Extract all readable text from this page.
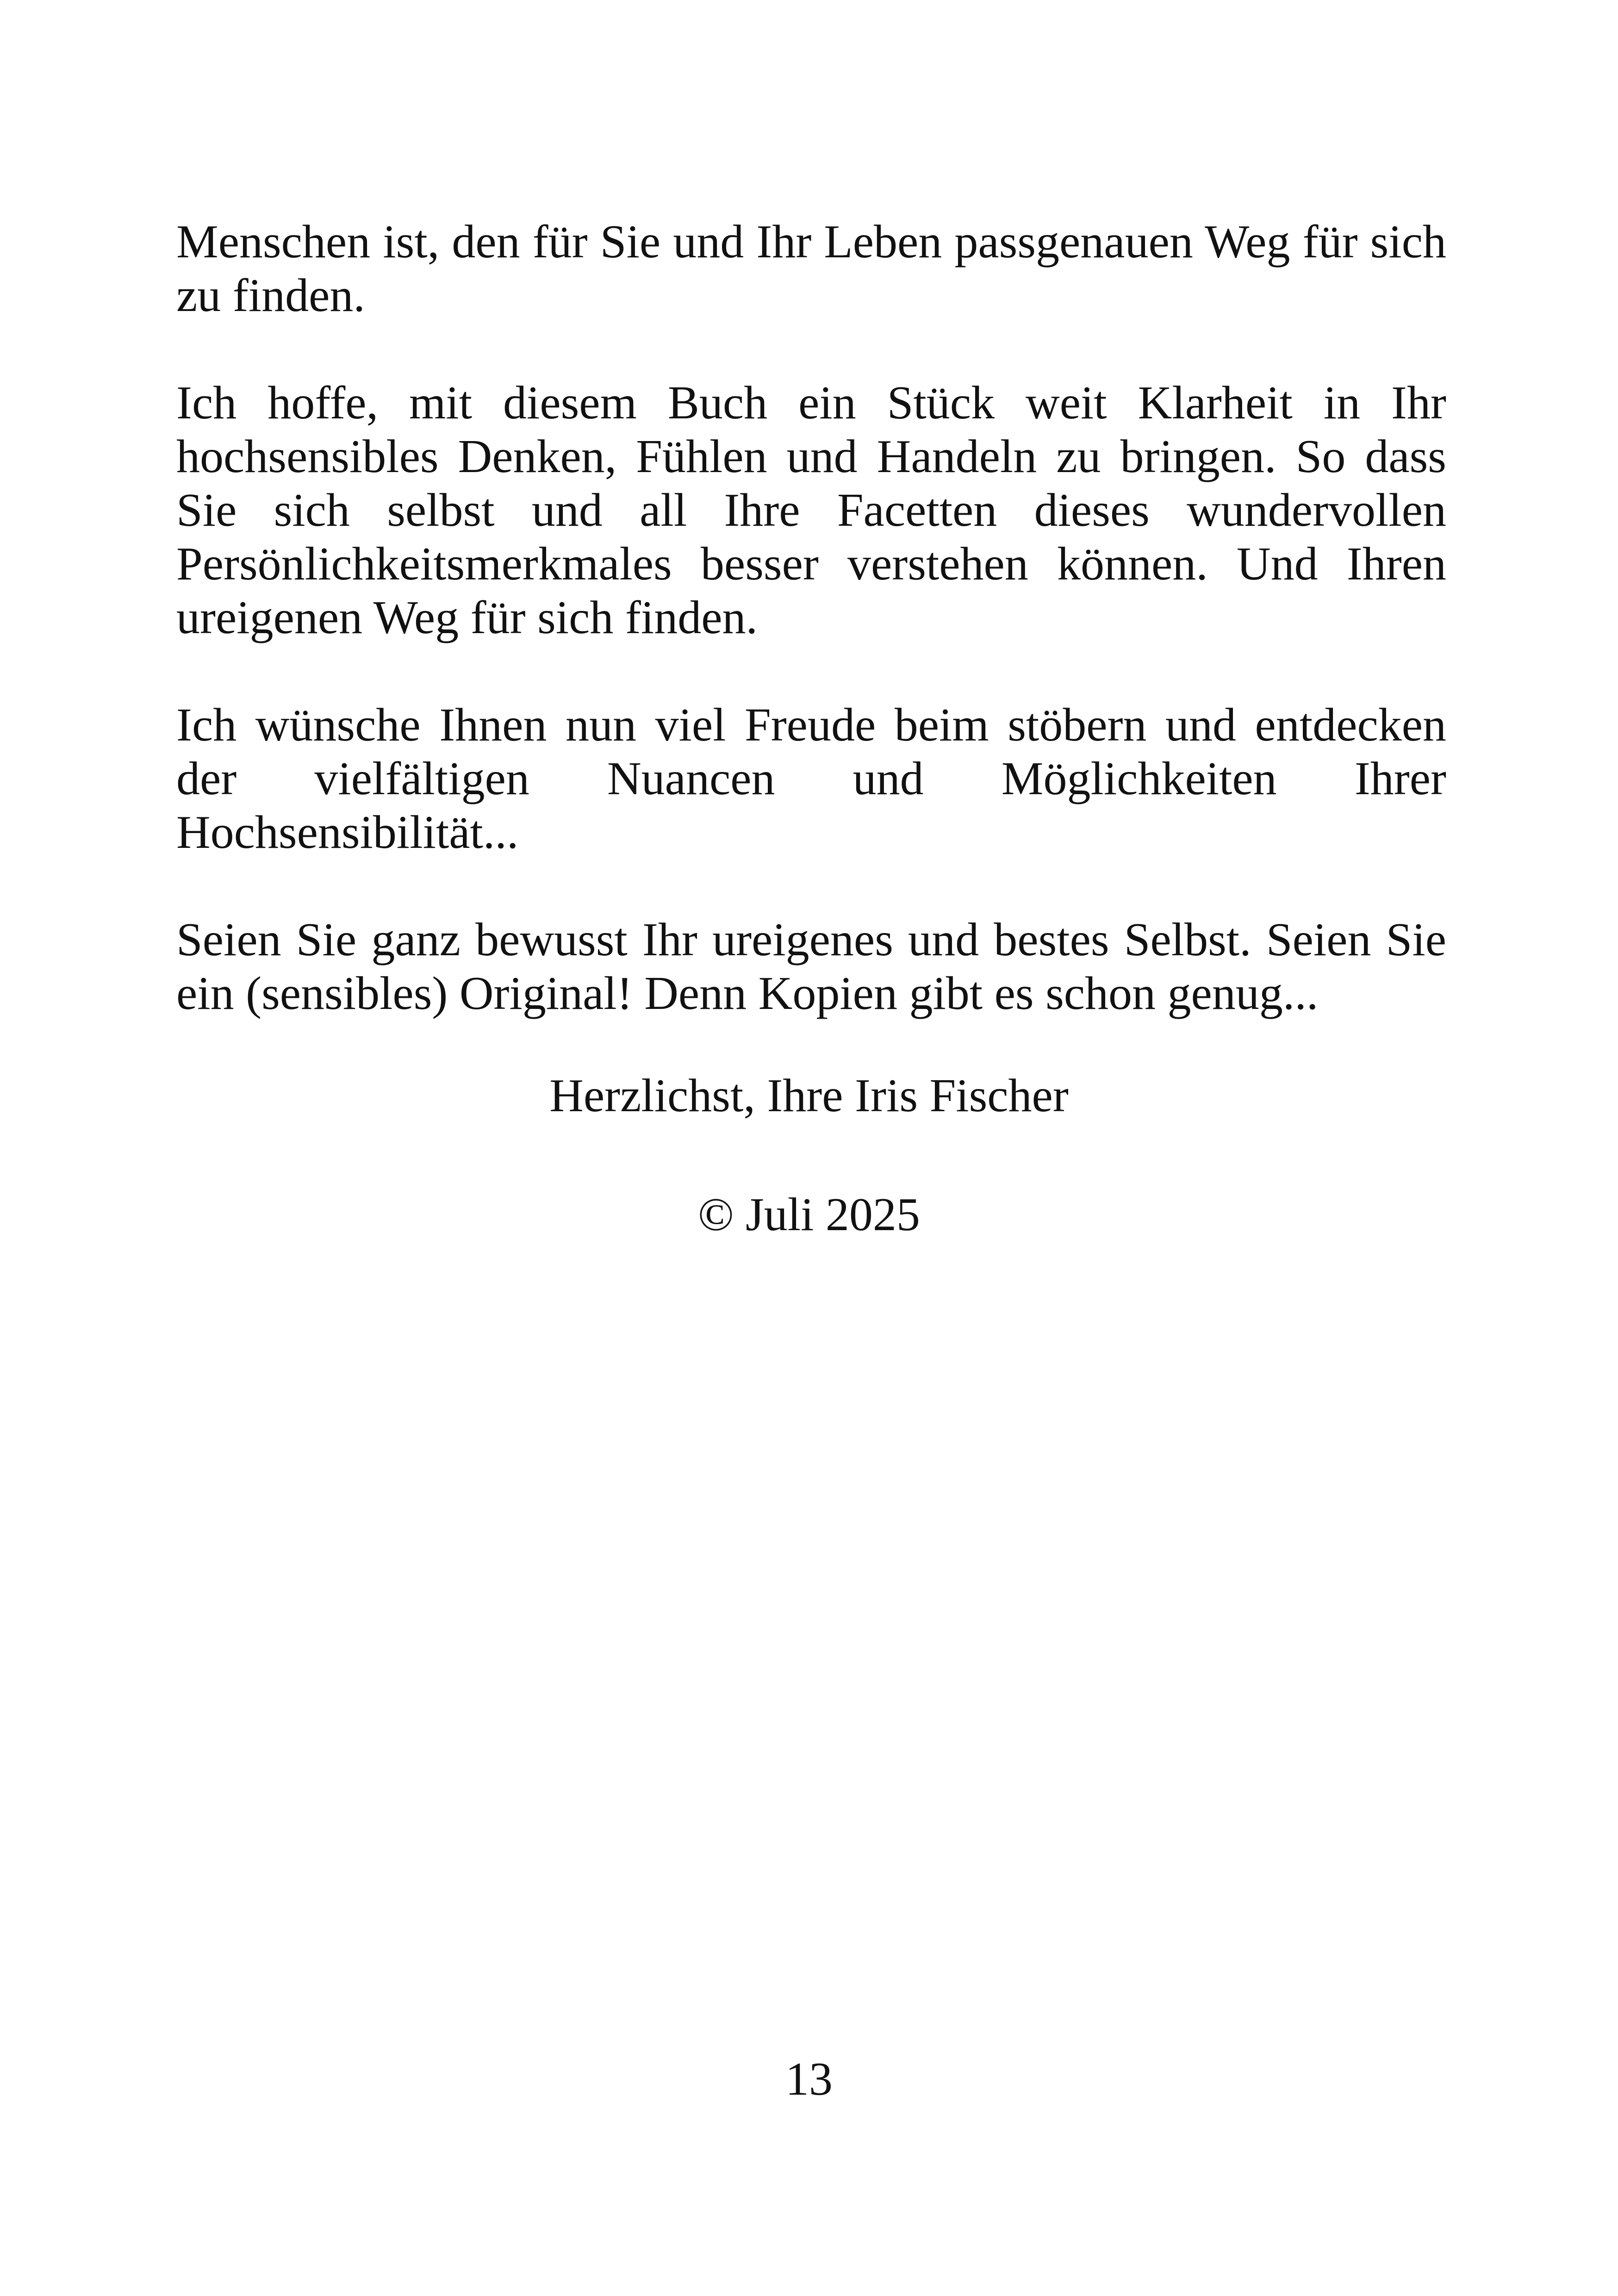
Menschen ist, den für Sie und Ihr Leben passgenauen Weg für sich zu finden.

Ich hoffe, mit diesem Buch ein Stück weit Klarheit in Ihr hochsensibles Denken, Fühlen und Handeln zu bringen. So dass Sie sich selbst und all Ihre Facetten dieses wundervollen Persönlichkeitsmerkmales besser verstehen können. Und Ihren ureigenen Weg für sich finden.

Ich wünsche Ihnen nun viel Freude beim stöbern und entdecken der vielfältigen Nuancen und Möglichkeiten Ihrer Hochsensibilität...

Seien Sie ganz bewusst Ihr ureigenes und bestes Selbst. Seien Sie ein (sensibles) Original! Denn Kopien gibt es schon genug...

Herzlichst, Ihre Iris Fischer
© Juli 2025
13
